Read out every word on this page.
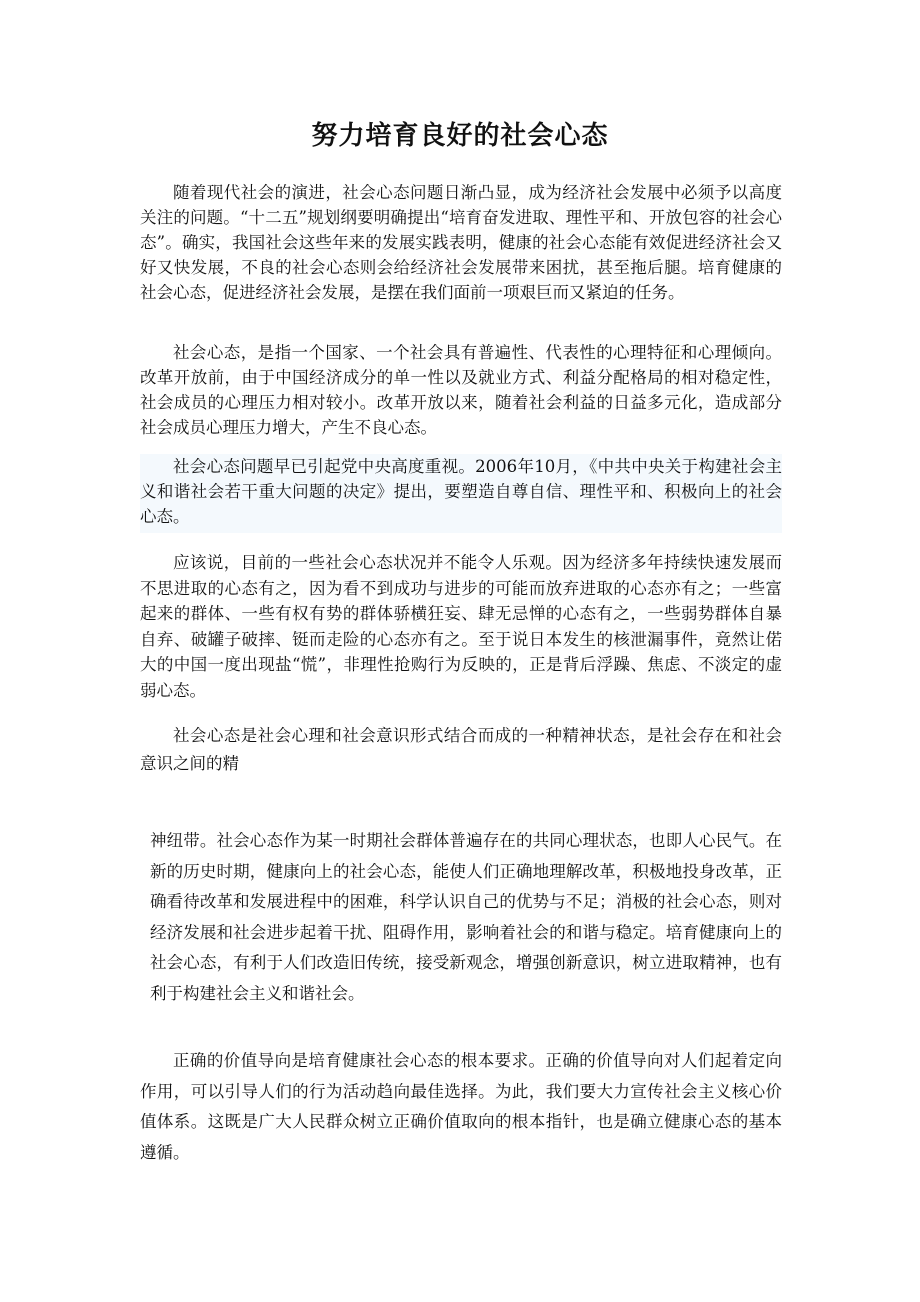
努力培育良好的社会心态

随着现代社会的演进，社会心态问题日渐凸显，成为经济社会发展中必须予以高度关注的问题。“十二五”规划纲要明确提出“培育奋发进取、理性平和、开放包容的社会心态”。确实，我国社会这些年来的发展实践表明，健康的社会心态能有效促进经济社会又好又快发展，不良的社会心态则会给经济社会发展带来困扰，甚至拖后腿。培育健康的社会心态，促进经济社会发展，是摆在我们面前一项艰巨而又紧迫的任务。

社会心态，是指一个国家、一个社会具有普遍性、代表性的心理特征和心理倾向。改革开放前，由于中国经济成分的单一性以及就业方式、利益分配格局的相对稳定性，社会成员的心理压力相对较小。改革开放以来，随着社会利益的日益多元化，造成部分社会成员心理压力增大，产生不良心态。

社会心态问题早已引起党中央高度重视。2006年10月，《中共中央关于构建社会主义和谐社会若干重大问题的决定》提出，要塑造自尊自信、理性平和、积极向上的社会心态。

应该说，目前的一些社会心态状况并不能令人乐观。因为经济多年持续快速发展而不思进取的心态有之，因为看不到成功与进步的可能而放弃进取的心态亦有之；一些富起来的群体、一些有权有势的群体骄横狂妄、肆无忌惮的心态有之，一些弱势群体自暴自弃、破罐子破摔、铤而走险的心态亦有之。至于说日本发生的核泄漏事件，竟然让偌大的中国一度出现盐“慌”，非理性抢购行为反映的，正是背后浮躁、焦虑、不淡定的虚弱心态。

社会心态是社会心理和社会意识形式结合而成的一种精神状态，是社会存在和社会意识之间的精

神纽带。社会心态作为某一时期社会群体普遍存在的共同心理状态，也即人心民气。在新的历史时期，健康向上的社会心态，能使人们正确地理解改革，积极地投身改革，正确看待改革和发展进程中的困难，科学认识自己的优势与不足；消极的社会心态，则对经济发展和社会进步起着干扰、阻碍作用，影响着社会的和谐与稳定。培育健康向上的社会心态，有利于人们改造旧传统，接受新观念，增强创新意识，树立进取精神，也有利于构建社会主义和谐社会。

正确的价值导向是培育健康社会心态的根本要求。正确的价值导向对人们起着定向作用，可以引导人们的行为活动趋向最佳选择。为此，我们要大力宣传社会主义核心价值体系。这既是广大人民群众树立正确价值取向的根本指针，也是确立健康心态的基本遵循。
